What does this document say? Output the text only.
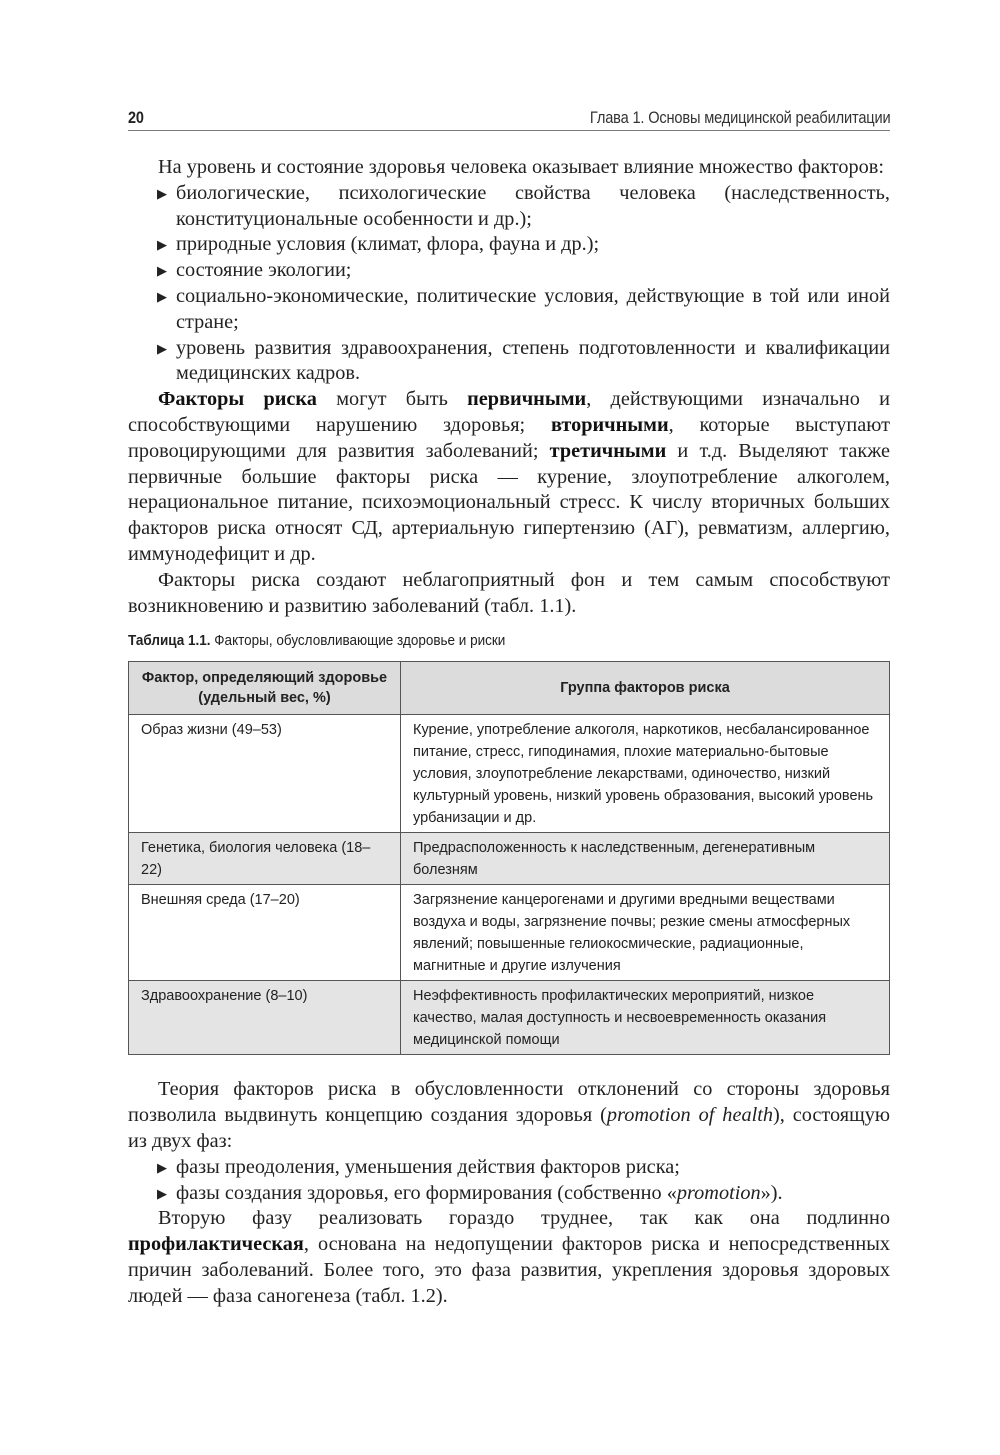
20	Глава 1. Основы медицинской реабилитации

На уровень и состояние здоровья человека оказывает влияние множество факторов:

▶ биологические, психологические свойства человека (наследственность, конституциональные особенности и др.);
▶ природные условия (климат, флора, фауна и др.);
▶ состояние экологии;
▶ социально-экономические, политические условия, действующие в той или иной стране;
▶ уровень развития здравоохранения, степень подготовленности и квалификации медицинских кадров.

Факторы риска могут быть первичными, действующими изначально и способствующими нарушению здоровья; вторичными, которые выступают провоцирующими для развития заболеваний; третичными и т.д. Выделяют также первичные большие факторы риска — курение, злоупотребление алкоголем, нерациональное питание, психоэмоциональный стресс. К числу вторичных больших факторов риска относят СД, артериальную гипертензию (АГ), ревматизм, аллергию, иммунодефицит и др.

Факторы риска создают неблагоприятный фон и тем самым способствуют возникновению и развитию заболеваний (табл. 1.1).

Таблица 1.1. Факторы, обусловливающие здоровье и риски
Фактор, определяющий здоровье (удельный вес, %)	Группа факторов риска
Образ жизни (49–53)	Курение, употребление алкоголя, наркотиков, несбалансированное питание, стресс, гиподинамия, плохие материально-бытовые условия, злоупотребление лекарствами, одиночество, низкий культурный уровень, низкий уровень образования, высокий уровень урбанизации и др.
Генетика, биология человека (18–22)	Предрасположенность к наследственным, дегенеративным болезням
Внешняя среда (17–20)	Загрязнение канцерогенами и другими вредными веществами воздуха и воды, загрязнение почвы; резкие смены атмосферных явлений; повышенные гелиокосмические, радиационные, магнитные и другие излучения
Здравоохранение (8–10)	Неэффективность профилактических мероприятий, низкое качество, малая доступность и несвоевременность оказания медицинской помощи

Теория факторов риска в обусловленности отклонений со стороны здоровья позволила выдвинуть концепцию создания здоровья (promotion of health), состоящую из двух фаз:

▶ фазы преодоления, уменьшения действия факторов риска;
▶ фазы создания здоровья, его формирования (собственно «promotion»).

Вторую фазу реализовать гораздо труднее, так как она подлинно профилактическая, основана на недопущении факторов риска и непосредственных причин заболеваний. Более того, это фаза развития, укрепления здоровья здоровых людей — фаза саногенеза (табл. 1.2).
